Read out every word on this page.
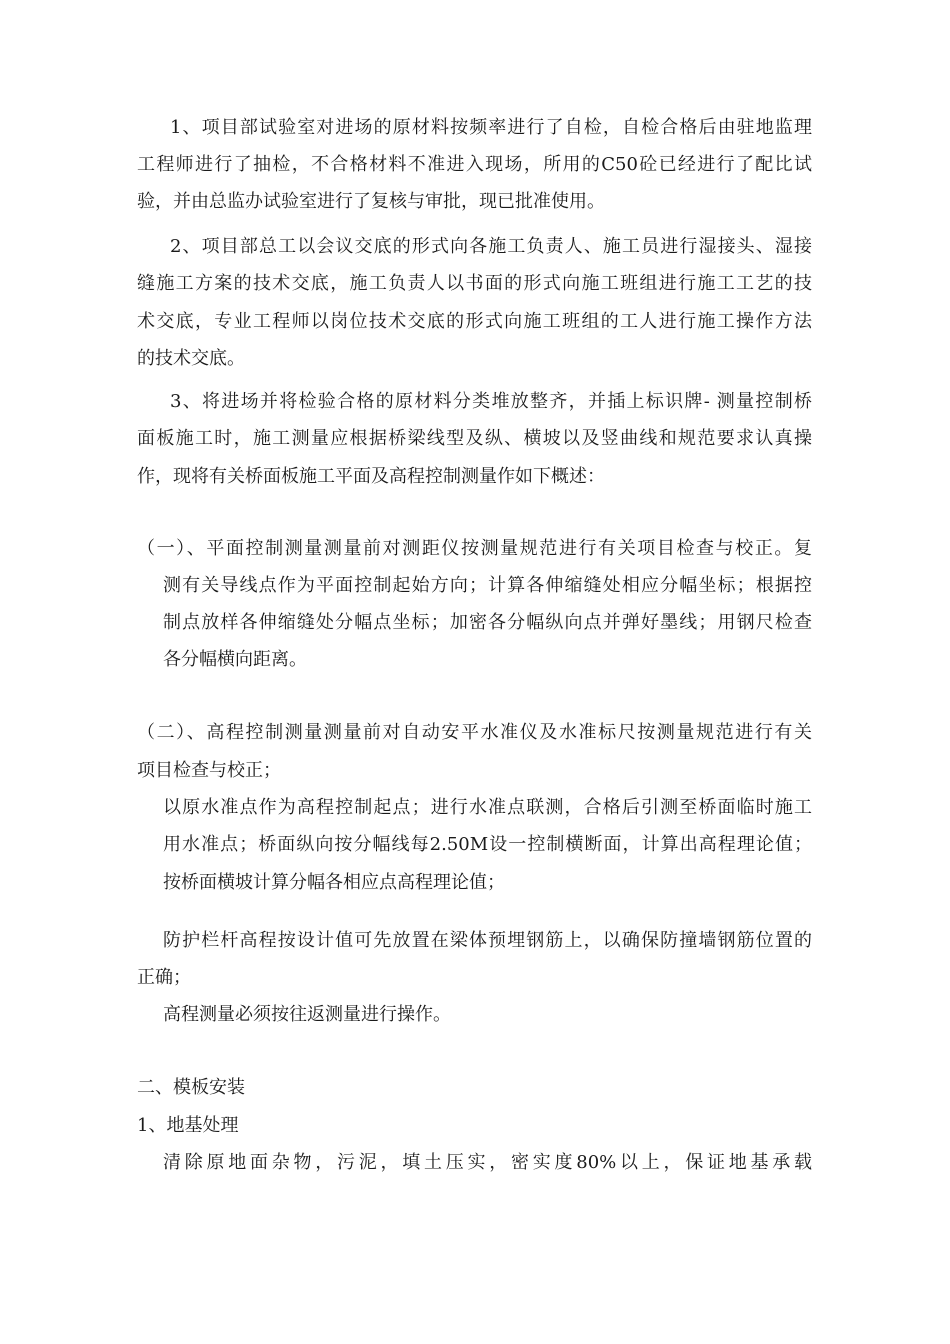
1、项目部试验室对进场的原材料按频率进行了自检，自检合格后由驻地监理
工程师进行了抽检，不合格材料不准进入现场，所用的C50砼已经进行了配比试
验，并由总监办试验室进行了复核与审批，现已批准使用。
2、项目部总工以会议交底的形式向各施工负责人、施工员进行湿接头、湿接
缝施工方案的技术交底，施工负责人以书面的形式向施工班组进行施工工艺的技
术交底，专业工程师以岗位技术交底的形式向施工班组的工人进行施工操作方法
的技术交底。
3、将进场并将检验合格的原材料分类堆放整齐，并插上标识牌- 测量控制桥
面板施工时，施工测量应根据桥梁线型及纵、横坡以及竖曲线和规范要求认真操
作，现将有关桥面板施工平面及高程控制测量作如下概述：
（一）、平面控制测量测量前对测距仪按测量规范进行有关项目检查与校正。复
测有关导线点作为平面控制起始方向；计算各伸缩缝处相应分幅坐标；根据控
制点放样各伸缩缝处分幅点坐标；加密各分幅纵向点并弹好墨线；用钢尺检查
各分幅横向距离。
（二）、高程控制测量测量前对自动安平水准仪及水准标尺按测量规范进行有关
项目检查与校正；
以原水准点作为高程控制起点；进行水准点联测，合格后引测至桥面临时施工
用水准点；桥面纵向按分幅线每2.50M设一控制横断面，计算出高程理论值；
按桥面横坡计算分幅各相应点高程理论值；
防护栏杆高程按设计值可先放置在梁体预埋钢筋上，以确保防撞墙钢筋位置的
正确；
高程测量必须按往返测量进行操作。
二、模板安装
1、地基处理
清除原地面杂物，污泥，填土压实，密实度80%以上，保证地基承载
